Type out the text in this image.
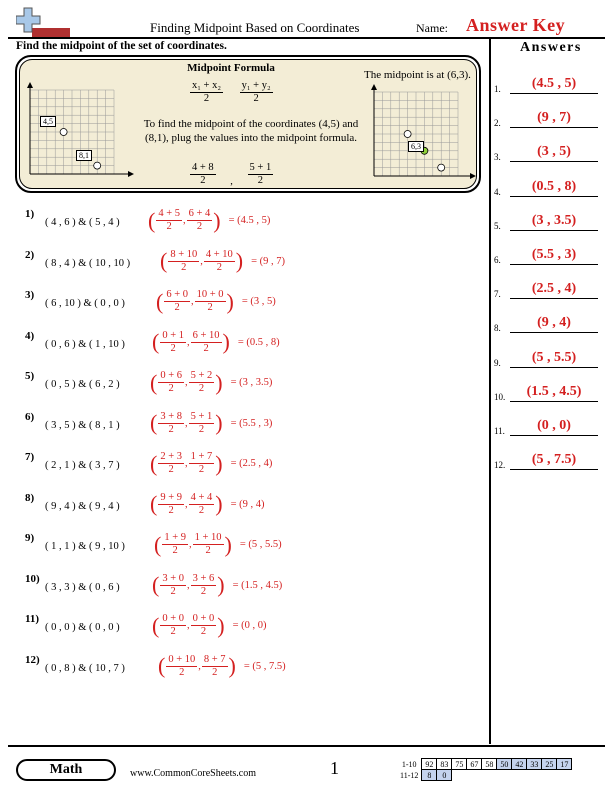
Finding Midpoint Based on Coordinates	Name: Answer Key
Find the midpoint of the set of coordinates.	Answers
4,5
8,1
Midpoint Formula
$\frac{\text{x₁ + x₂}}{2}$
$\frac{\text{y₁ + y₂}}{2}$
To find the midpoint of the coordinates (4,5) and (8,1), plug the values into the midpoint formula.
$\frac{4 + 8}{2}$ , $\frac{5 + 1}{2}$
The midpoint is at (6,3).
6,3
1)
( 4 , 6 ) & ( 5 , 4 ) ( $\frac{4 + 5}{2}$ , $\frac{6 + 4}{2}$ ) = (4.5 , 5)
2)
( 8 , 4 ) & ( 10 , 10 ) ( $\frac{8 + 10}{2}$ , $\frac{4 + 10}{2}$ ) = (9 , 7)
3)
( 6 , 10 ) & ( 0 , 0 ) ( $\frac{6 + 0}{2}$ , $\frac{10 + 0}{2}$ ) = (3 , 5)
4)
( 0 , 6 ) & ( 1 , 10 ) ( $\frac{0 + 1}{2}$ , $\frac{6 + 10}{2}$ ) = (0.5 , 8)
5)
( 0 , 5 ) & ( 6 , 2 ) ( $\frac{0 + 6}{2}$ , $\frac{5 + 2}{2}$ ) = (3 , 3.5)
6)
( 3 , 5 ) & ( 8 , 1 ) ( $\frac{3 + 8}{2}$ , $\frac{5 + 1}{2}$ ) = (5.5 , 3)
7)
( 2 , 1 ) & ( 3 , 7 ) ( $\frac{2 + 3}{2}$ , $\frac{1 + 7}{2}$ ) = (2.5 , 4)
8)
( 9 , 4 ) & ( 9 , 4 ) ( $\frac{9 + 9}{2}$ , $\frac{4 + 4}{2}$ ) = (9 , 4)
9)
( 1 , 1 ) & ( 9 , 10 ) ( $\frac{1 + 9}{2}$ , $\frac{1 + 10}{2}$ ) = (5 , 5.5)
10)
( 3 , 3 ) & ( 0 , 6 ) ( $\frac{3 + 0}{2}$ , $\frac{3 + 6}{2}$ ) = (1.5 , 4.5)
11)
( 0 , 0 ) & ( 0 , 0 ) ( $\frac{0 + 0}{2}$ , $\frac{0 + 0}{2}$ ) = (0 , 0)
12)
( 0 , 8 ) & ( 10 , 7 ) ( $\frac{0 + 10}{2}$ , $\frac{8 + 7}{2}$ ) = (5 , 7.5)
1.	(4.5 , 5)
2.	(9 , 7)
3.	(3 , 5)
4.	(0.5 , 8)
5.	(3 , 3.5)
6.	(5.5 , 3)
7.	(2.5 , 4)
8.	(9 , 4)
9.	(5 , 5.5)
10.	(1.5 , 4.5)
11.	(0 , 0)
12.	(5 , 7.5)
Math	www.CommonCoreSheets.com	1	1-10	92	83	75	67	58	50	42	33	25	17
11-12	8	0								
